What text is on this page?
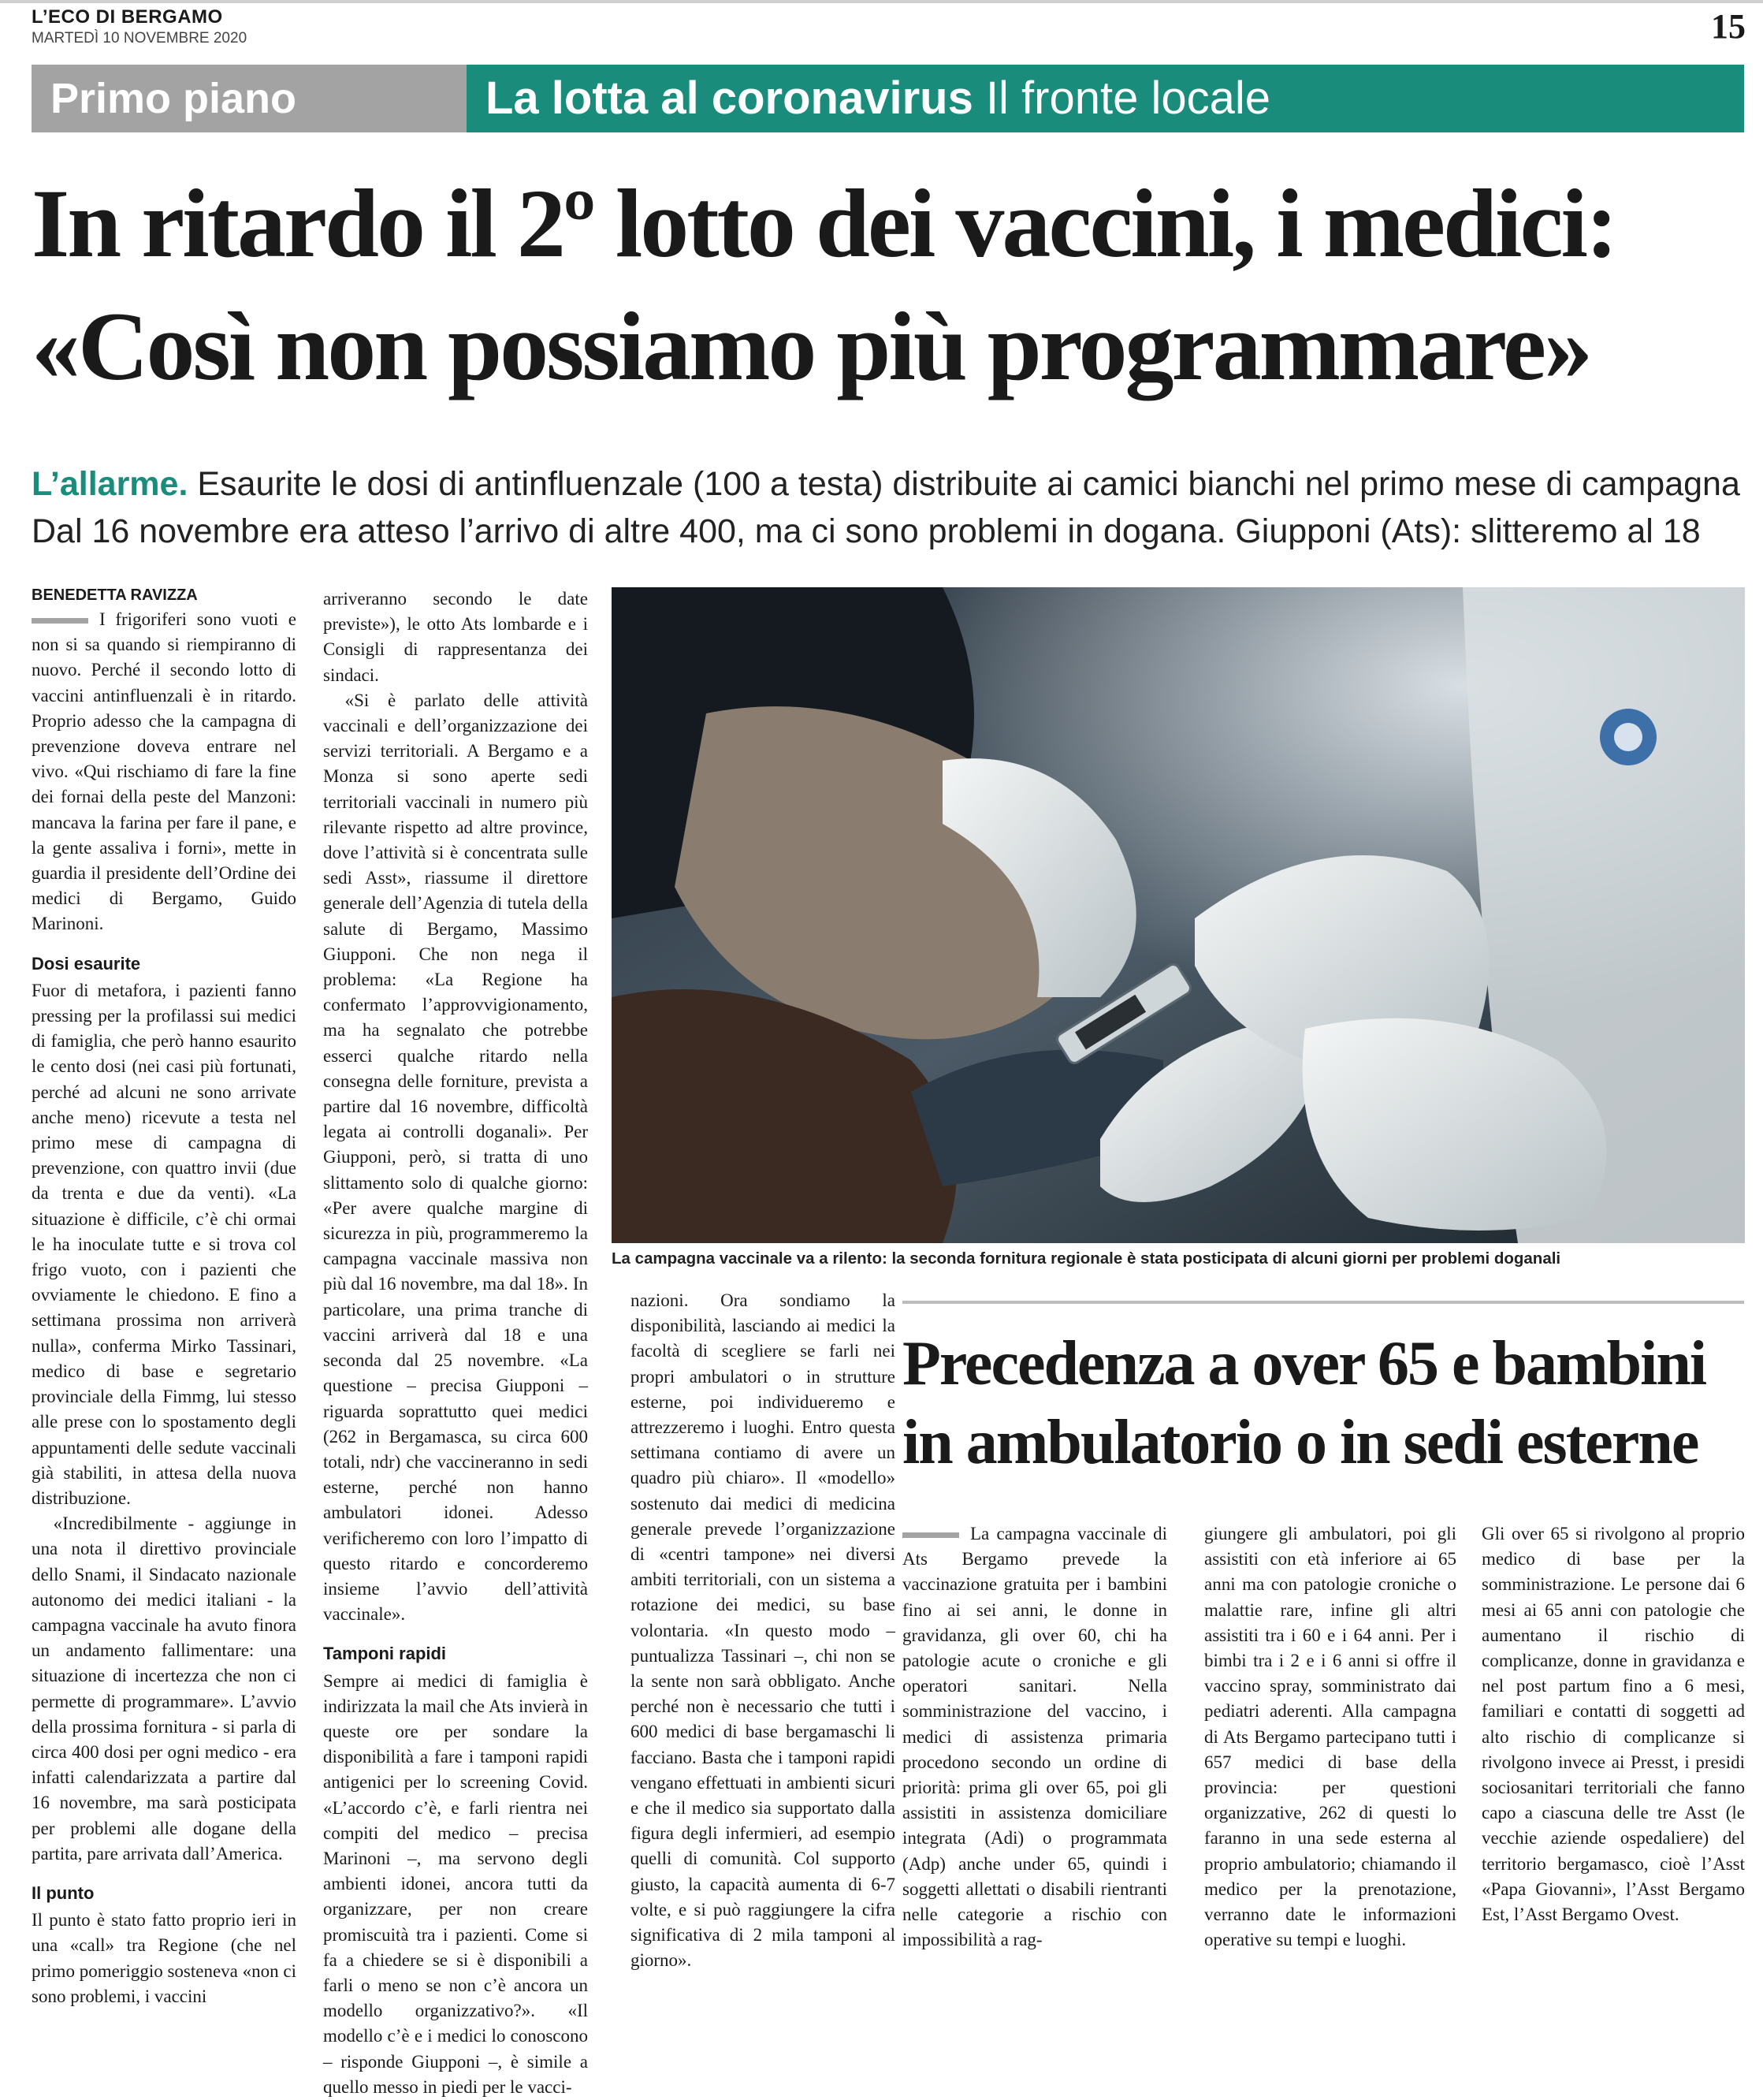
L’ECO DI BERGAMO
MARTEDÌ 10 NOVEMBRE 2020	15
Primo piano	La lotta al coronavirus Il fronte locale
In ritardo il 2º lotto dei vaccini, i medici:
«Così non possiamo più programmare»
L’allarme. Esaurite le dosi di antinfluenzale (100 a testa) distribuite ai camici bianchi nel primo mese di campagna
Dal 16 novembre era atteso l’arrivo di altre 400, ma ci sono problemi in dogana. Giupponi (Ats): slitteremo al 18
BENEDETTA RAVIZZA

I frigoriferi sono vuoti e non si sa quando si riempiranno di nuovo. Perché il secondo lotto di vaccini antinfluenzali è in ritardo. Proprio adesso che la campagna di prevenzione doveva entrare nel vivo. «Qui rischiamo di fare la fine dei fornai della peste del Manzoni: mancava la farina per fare il pane, e la gente assaliva i forni», mette in guardia il presidente dell’Ordine dei medici di Bergamo, Guido Marinoni.

Dosi esaurite

Fuor di metafora, i pazienti fanno pressing per la profilassi sui medici di famiglia, che però hanno esaurito le cento dosi (nei casi più fortunati, perché ad alcuni ne sono arrivate anche meno) ricevute a testa nel primo mese di campagna di prevenzione, con quattro invii (due da trenta e due da venti). «La situazione è difficile, c’è chi ormai le ha inoculate tutte e si trova col frigo vuoto, con i pazienti che ovviamente le chiedono. E fino a settimana prossima non arriverà nulla», conferma Mirko Tassinari, medico di base e segretario provinciale della Fimmg, lui stesso alle prese con lo spostamento degli appuntamenti delle sedute vaccinali già stabiliti, in attesa della nuova distribuzione.

«Incredibilmente - aggiunge in una nota il direttivo provinciale dello Snami, il Sindacato nazionale autonomo dei medici italiani - la campagna vaccinale ha avuto finora un andamento fallimentare: una situazione di incertezza che non ci permette di programmare». L’avvio della prossima fornitura - si parla di circa 400 dosi per ogni medico - era infatti calendarizzata a partire dal 16 novembre, ma sarà posticipata per problemi alle dogane della partita, pare arrivata dall’America.

Il punto

Il punto è stato fatto proprio ieri in una «call» tra Regione (che nel primo pomeriggio sosteneva «non ci sono problemi, i vaccini

arriveranno secondo le date previste»), le otto Ats lombarde e i Consigli di rappresentanza dei sindaci.

«Si è parlato delle attività vaccinali e dell’organizzazione dei servizi territoriali. A Bergamo e a Monza si sono aperte sedi territoriali vaccinali in numero più rilevante rispetto ad altre province, dove l’attività si è concentrata sulle sedi Asst», riassume il direttore generale dell’Agenzia di tutela della salute di Bergamo, Massimo Giupponi. Che non nega il problema: «La Regione ha confermato l’approvvigionamento, ma ha segnalato che potrebbe esserci qualche ritardo nella consegna delle forniture, prevista a partire dal 16 novembre, difficoltà legata ai controlli doganali». Per Giupponi, però, si tratta di uno slittamento solo di qualche giorno: «Per avere qualche margine di sicurezza in più, programmeremo la campagna vaccinale massiva non più dal 16 novembre, ma dal 18». In particolare, una prima tranche di vaccini arriverà dal 18 e una seconda dal 25 novembre. «La questione – precisa Giupponi – riguarda soprattutto quei medici (262 in Bergamasca, su circa 600 totali, ndr) che vaccineranno in sedi esterne, perché non hanno ambulatori idonei. Adesso verificheremo con loro l’impatto di questo ritardo e concorderemo insieme l’avvio dell’attività vaccinale».

Tamponi rapidi

Sempre ai medici di famiglia è indirizzata la mail che Ats invierà in queste ore per sondare la disponibilità a fare i tamponi rapidi antigenici per lo screening Covid. «L’accordo c’è, e farli rientra nei compiti del medico – precisa Marinoni –, ma servono degli ambienti idonei, ancora tutti da organizzare, per non creare promiscuità tra i pazienti. Come si fa a chiedere se si è disponibili a farli o meno se non c’è ancora un modello organizzativo?». «Il modello c’è e i medici lo conoscono – risponde Giupponi –, è simile a quello messo in piedi per le vacci-

nazioni. Ora sondiamo la disponibilità, lasciando ai medici la facoltà di scegliere se farli nei propri ambulatori o in strutture esterne, poi individueremo e attrezzeremo i luoghi. Entro questa settimana contiamo di avere un quadro più chiaro». Il «modello» sostenuto dai medici di medicina generale prevede l’organizzazione di «centri tampone» nei diversi ambiti territoriali, con un sistema a rotazione dei medici, su base volontaria. «In questo modo – puntualizza Tassinari –, chi non se la sente non sarà obbligato. Anche perché non è necessario che tutti i 600 medici di base bergamaschi li facciano. Basta che i tamponi rapidi vengano effettuati in ambienti sicuri e che il medico sia supportato dalla figura degli infermieri, ad esempio quelli di comunità. Col supporto giusto, la capacità aumenta di 6-7 volte, e si può raggiungere la cifra significativa di 2 mila tamponi al giorno».

La campagna vaccinale va a rilento: la seconda fornitura regionale è stata posticipata di alcuni giorni per problemi doganali
Precedenza a over 65 e bambini
in ambulatorio o in sedi esterne

La campagna vaccinale di Ats Bergamo prevede la vaccinazione gratuita per i bambini fino ai sei anni, le donne in gravidanza, gli over 60, chi ha patologie acute o croniche e gli operatori sanitari. Nella somministrazione del vaccino, i medici di assistenza primaria procedono secondo un ordine di priorità: prima gli over 65, poi gli assistiti in assistenza domiciliare integrata (Adi) o programmata (Adp) anche under 65, quindi i soggetti allettati o disabili rientranti nelle categorie a rischio con impossibilità a rag-

giungere gli ambulatori, poi gli assistiti con età inferiore ai 65 anni ma con patologie croniche o malattie rare, infine gli altri assistiti tra i 60 e i 64 anni. Per i bimbi tra i 2 e i 6 anni si offre il vaccino spray, somministrato dai pediatri aderenti. Alla campagna di Ats Bergamo partecipano tutti i 657 medici di base della provincia: per questioni organizzative, 262 di questi lo faranno in una sede esterna al proprio ambulatorio; chiamando il medico per la prenotazione, verranno date le informazioni operative su tempi e luoghi.

Gli over 65 si rivolgono al proprio medico di base per la somministrazione. Le persone dai 6 mesi ai 65 anni con patologie che aumentano il rischio di complicanze, donne in gravidanza e nel post partum fino a 6 mesi, familiari e contatti di soggetti ad alto rischio di complicanze si rivolgono invece ai Presst, i presidi sociosanitari territoriali che fanno capo a ciascuna delle tre Asst (le vecchie aziende ospedaliere) del territorio bergamasco, cioè l’Asst «Papa Giovanni», l’Asst Bergamo Est, l’Asst Bergamo Ovest.
